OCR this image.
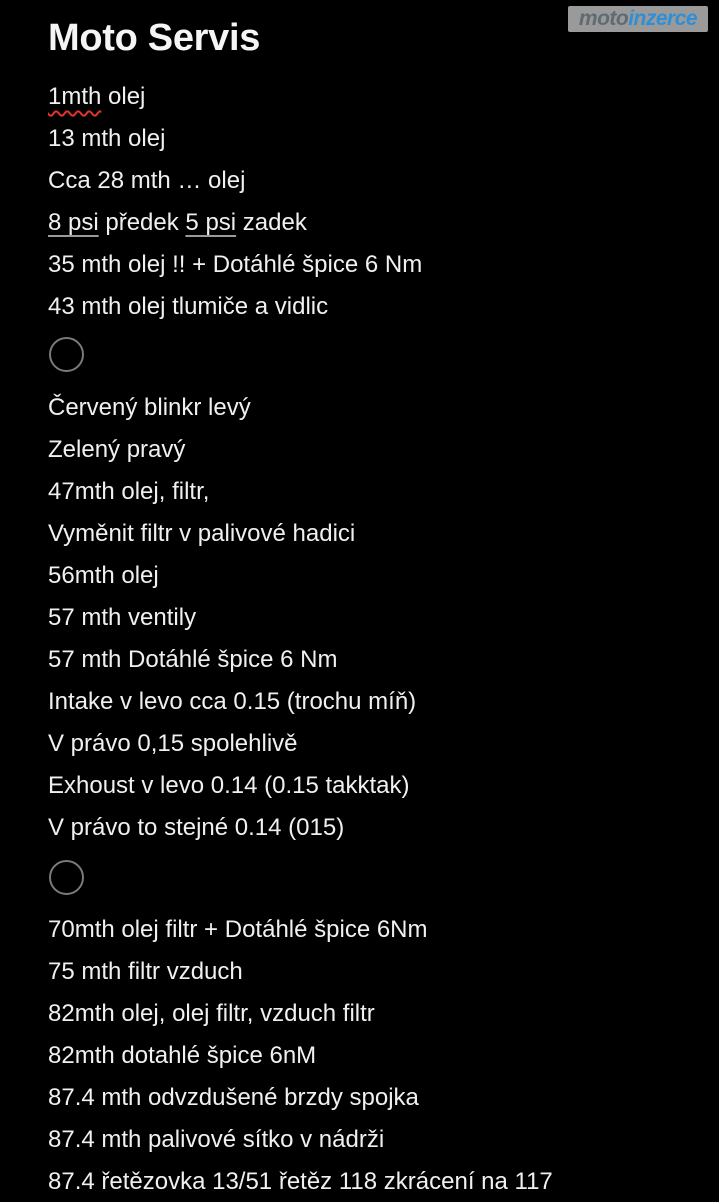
moto inzerce
Moto Servis
1mth olej
13 mth olej
Cca 28 mth … olej
8 psi předek 5 psi zadek
35 mth olej !! + Dotáhlé špice 6 Nm
43 mth olej tlumiče a vidlic
Červený blinkr levý
Zelený pravý
47mth olej, filtr,
Vyměnit filtr v palivové hadici
56mth olej
57 mth ventily
57 mth Dotáhlé špice 6 Nm
Intake v levo cca 0.15 (trochu míň)
V právo 0,15 spolehlivě
Exhoust v levo 0.14 (0.15 takktak)
V právo to stejné 0.14 (015)
70mth olej filtr + Dotáhlé špice 6Nm
75 mth filtr vzduch
82mth olej, olej filtr, vzduch filtr
82mth dotahlé špice 6nM
87.4 mth odvzdušené brzdy spojka
87.4 mth palivové sítko v nádrži
87.4 řetězovka 13/51 řetěz 118 zkrácení na 117
